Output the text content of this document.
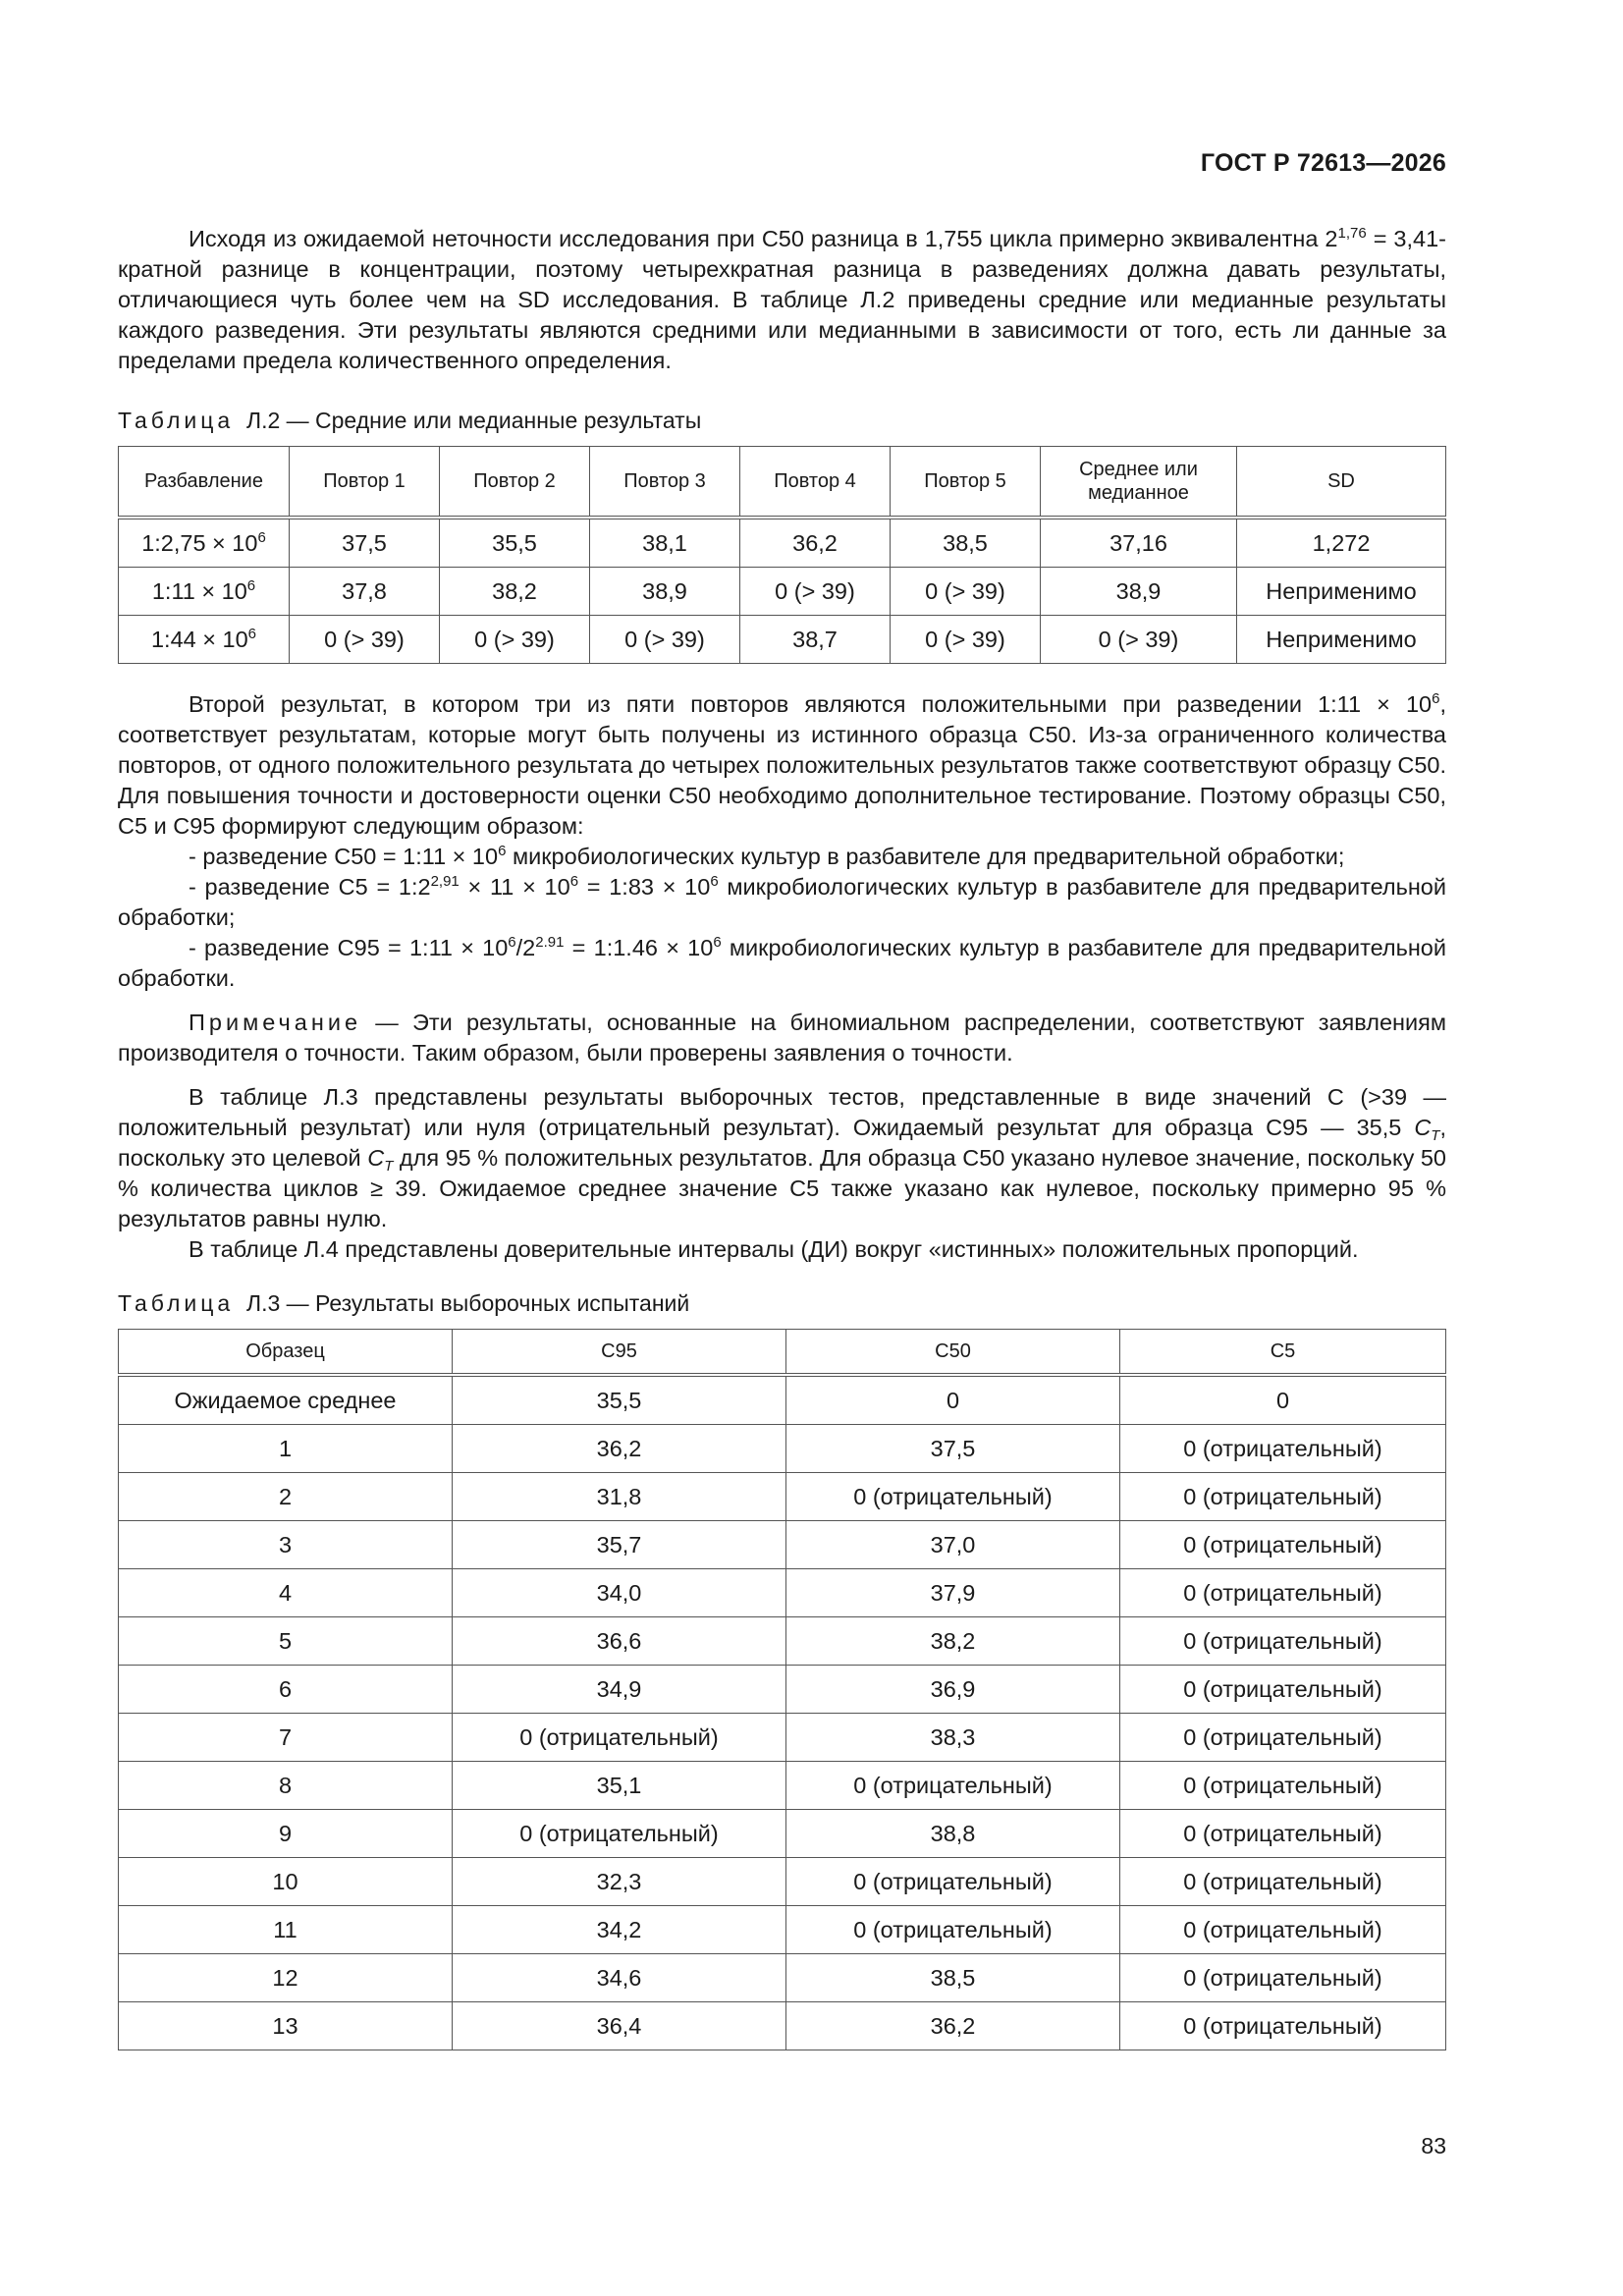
ГОСТ Р 72613—2026

Исходя из ожидаемой неточности исследования при С50 разница в 1,755 цикла примерно эквивалентна $2^{1,76}$ = 3,41-кратной разнице в концентрации, поэтому четырехкратная разница в разведениях должна давать результаты, отличающиеся чуть более чем на SD исследования. В таблице Л.2 приведены средние или медианные результаты каждого разведения. Эти результаты являются средними или медианными в зависимости от того, есть ли данные за пределами предела количественного определения.

Таблица Л.2 — Средние или медианные результаты
Разбавление	Повтор 1	Повтор 2	Повтор 3	Повтор 4	Повтор 5	Среднее или медианное	SD
1:2,75 × $10^6$	37,5	35,5	38,1	36,2	38,5	37,16	1,272
1:11 × $10^6$	37,8	38,2	38,9	0 (> 39)	0 (> 39)	38,9	Неприменимо
1:44 × $10^6$	0 (> 39)	0 (> 39)	0 (> 39)	38,7	0 (> 39)	0 (> 39)	Неприменимо

Второй результат, в котором три из пяти повторов являются положительными при разведении 1:11 × $10^6$, соответствует результатам, которые могут быть получены из истинного образца С50. Из-за ограниченного количества повторов, от одного положительного результата до четырех положительных результатов также соответствуют образцу С50. Для повышения точности и достоверности оценки С50 необходимо дополнительное тестирование. Поэтому образцы С50, С5 и С95 формируют следующим образом:

- разведение С50 = 1:11 × $10^6$ микробиологических культур в разбавителе для предварительной обработки;

- разведение $С5 = 1:2^{2,91} \times 11 \times 10^6$ = 1:83 × $10^6$ микробиологических культур в разбавителе для предварительной обработки;

- разведение С95 = 1:11 × $10^6/2^{2.91}$ = 1:1.46 × $10^6$ микробиологических культур в разбавителе для предварительной обработки.

Примечание — Эти результаты, основанные на биномиальном распределении, соответствуют заявлениям производителя о точности. Таким образом, были проверены заявления о точности.

В таблице Л.3 представлены результаты выборочных тестов, представленные в виде значений С (>39 — положительный результат) или нуля (отрицательный результат). Ожидаемый результат для образца С95 — 35,5 $C_T$, поскольку это целевой $C_T$ для 95 % положительных результатов. Для образца С50 указано нулевое значение, поскольку 50 % количества циклов ≥ 39. Ожидаемое среднее значение С5 также указано как нулевое, поскольку примерно 95 % результатов равны нулю.

В таблице Л.4 представлены доверительные интервалы (ДИ) вокруг «истинных» положительных пропорций.

Таблица Л.3 — Результаты выборочных испытаний
Образец	С95	С50	С5
Ожидаемое среднее	35,5	0	0
1	36,2	37,5	0 (отрицательный)
2	31,8	0 (отрицательный)	0 (отрицательный)
3	35,7	37,0	0 (отрицательный)
4	34,0	37,9	0 (отрицательный)
5	36,6	38,2	0 (отрицательный)
6	34,9	36,9	0 (отрицательный)
7	0 (отрицательный)	38,3	0 (отрицательный)
8	35,1	0 (отрицательный)	0 (отрицательный)
9	0 (отрицательный)	38,8	0 (отрицательный)
10	32,3	0 (отрицательный)	0 (отрицательный)
11	34,2	0 (отрицательный)	0 (отрицательный)
12	34,6	38,5	0 (отрицательный)
13	36,4	36,2	0 (отрицательный)
83
